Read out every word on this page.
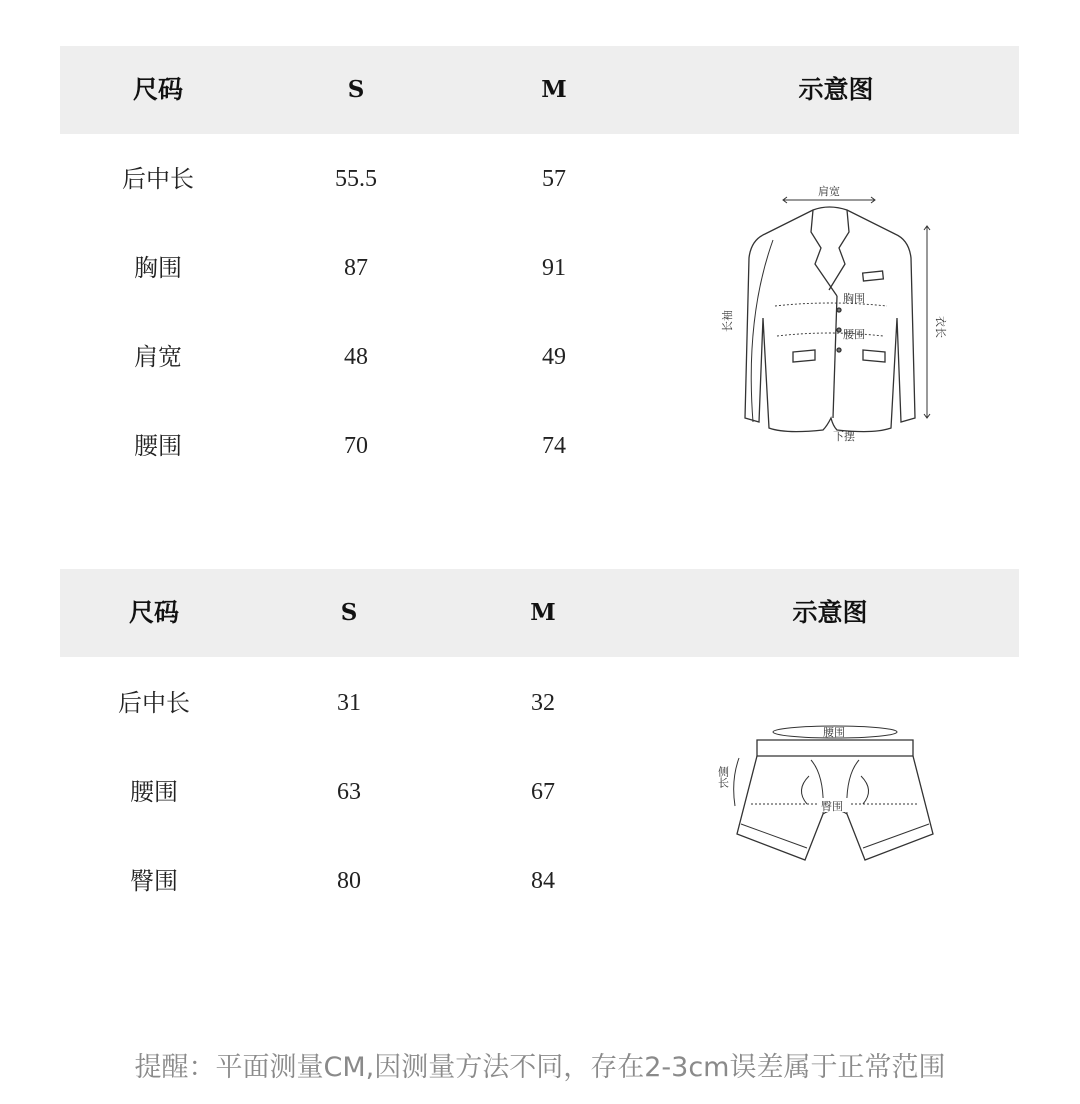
尺码	S	M	示意图
后中长	55.5	57
胸围	87	91
肩宽	48	49
腰围	70	74
肩宽
胸围
腰围
下摆
长袖	衣长
尺码	S	M	示意图
后中长	31	32
腰围	63	67
臀围	80	84
腰围
臀围
侧长
提醒：平面测量CM,因测量方法不同，存在2-3cm误差属于正常范围
